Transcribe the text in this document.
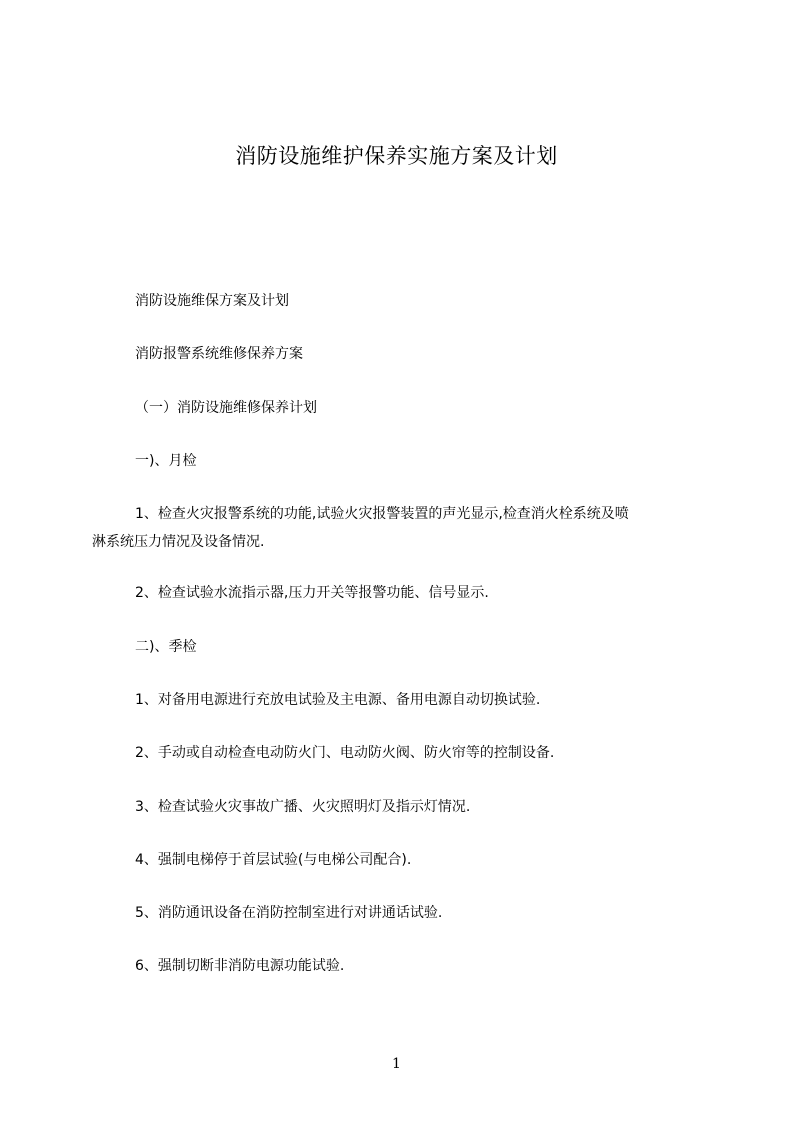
消防设施维护保养实施方案及计划
消防设施维保方案及计划
消防报警系统维修保养方案
（一）消防设施维修保养计划
一)、月检
1、检查火灾报警系统的功能,试验火灾报警装置的声光显示,检查消火栓系统及喷
淋系统压力情况及设备情况.
2、检查试验水流指示器,压力开关等报警功能、信号显示.
二)、季检
1、对备用电源进行充放电试验及主电源、备用电源自动切换试验.
2、手动或自动检查电动防火门、电动防火阀、防火帘等的控制设备.
3、检查试验火灾事故广播、火灾照明灯及指示灯情况.
4、强制电梯停于首层试验(与电梯公司配合).
5、消防通讯设备在消防控制室进行对讲通话试验.
6、强制切断非消防电源功能试验.
1
